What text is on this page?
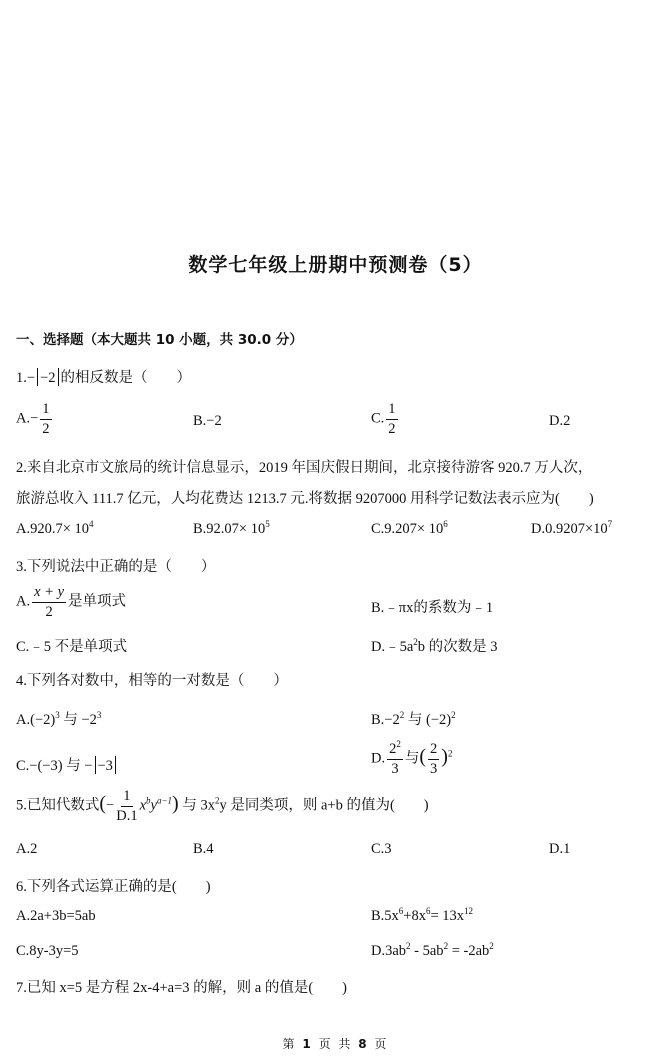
数学七年级上册期中预测卷（5）
一、选择题（本大题共 10 小题，共 30.0 分）
1.− −2 的相反数是（　　）
$A.- \frac{1}{2}$	B.−2	C. $\frac{1}{2}$	D.2
2.来自北京市文旅局的统计信息显示，2019 年国庆假日期间，北京接待游客 920.7 万人次，
旅游总收入 111.7 亿元，人均花费达 1213.7 元.将数据 9207000 用科学记数法表示应为(　　)
$A.920.7\times 10^4$	$B.92.07\times 10^5$	$C.9.207\times 10^6$	$D.0.9207\times 10^7$
3.下列说法中正确的是（　　）
A. $\frac{x + y}{2}$ 是单项式	B.﹣πx的系数为﹣1
C.﹣5 不是单项式	$D.﹣5a^2b$ 的次数是 3
4.下列各对数中，相等的一对数是（　　）
$A.(-2)^3$ 与 $-2^3$	$B.-2^2$ 与 $(-2)^2$
C.−(−3) 与 − −3	D. $\frac{2^2}{3}$ 与( $\frac{2}{3} )^2$
5.已知代数式(− $\frac{1}{D.1} x^by^{a-1}$) 与 $3x^2y$ 是同类项，则 a+b 的值为(　　)
A.2	B.4	C.3	D.1
6.下列各式运算正确的是(　　)
A.2a+3b=5ab	$B.5x^6+8x^6= 13x^{12}$
C.8y-3y=5	$D.3ab^2 - 5ab^2 = -2ab^2$
7.已知 x=5 是方程 2x-4+a=3 的解，则 a 的值是(　　)
第 1 页 共 8 页
